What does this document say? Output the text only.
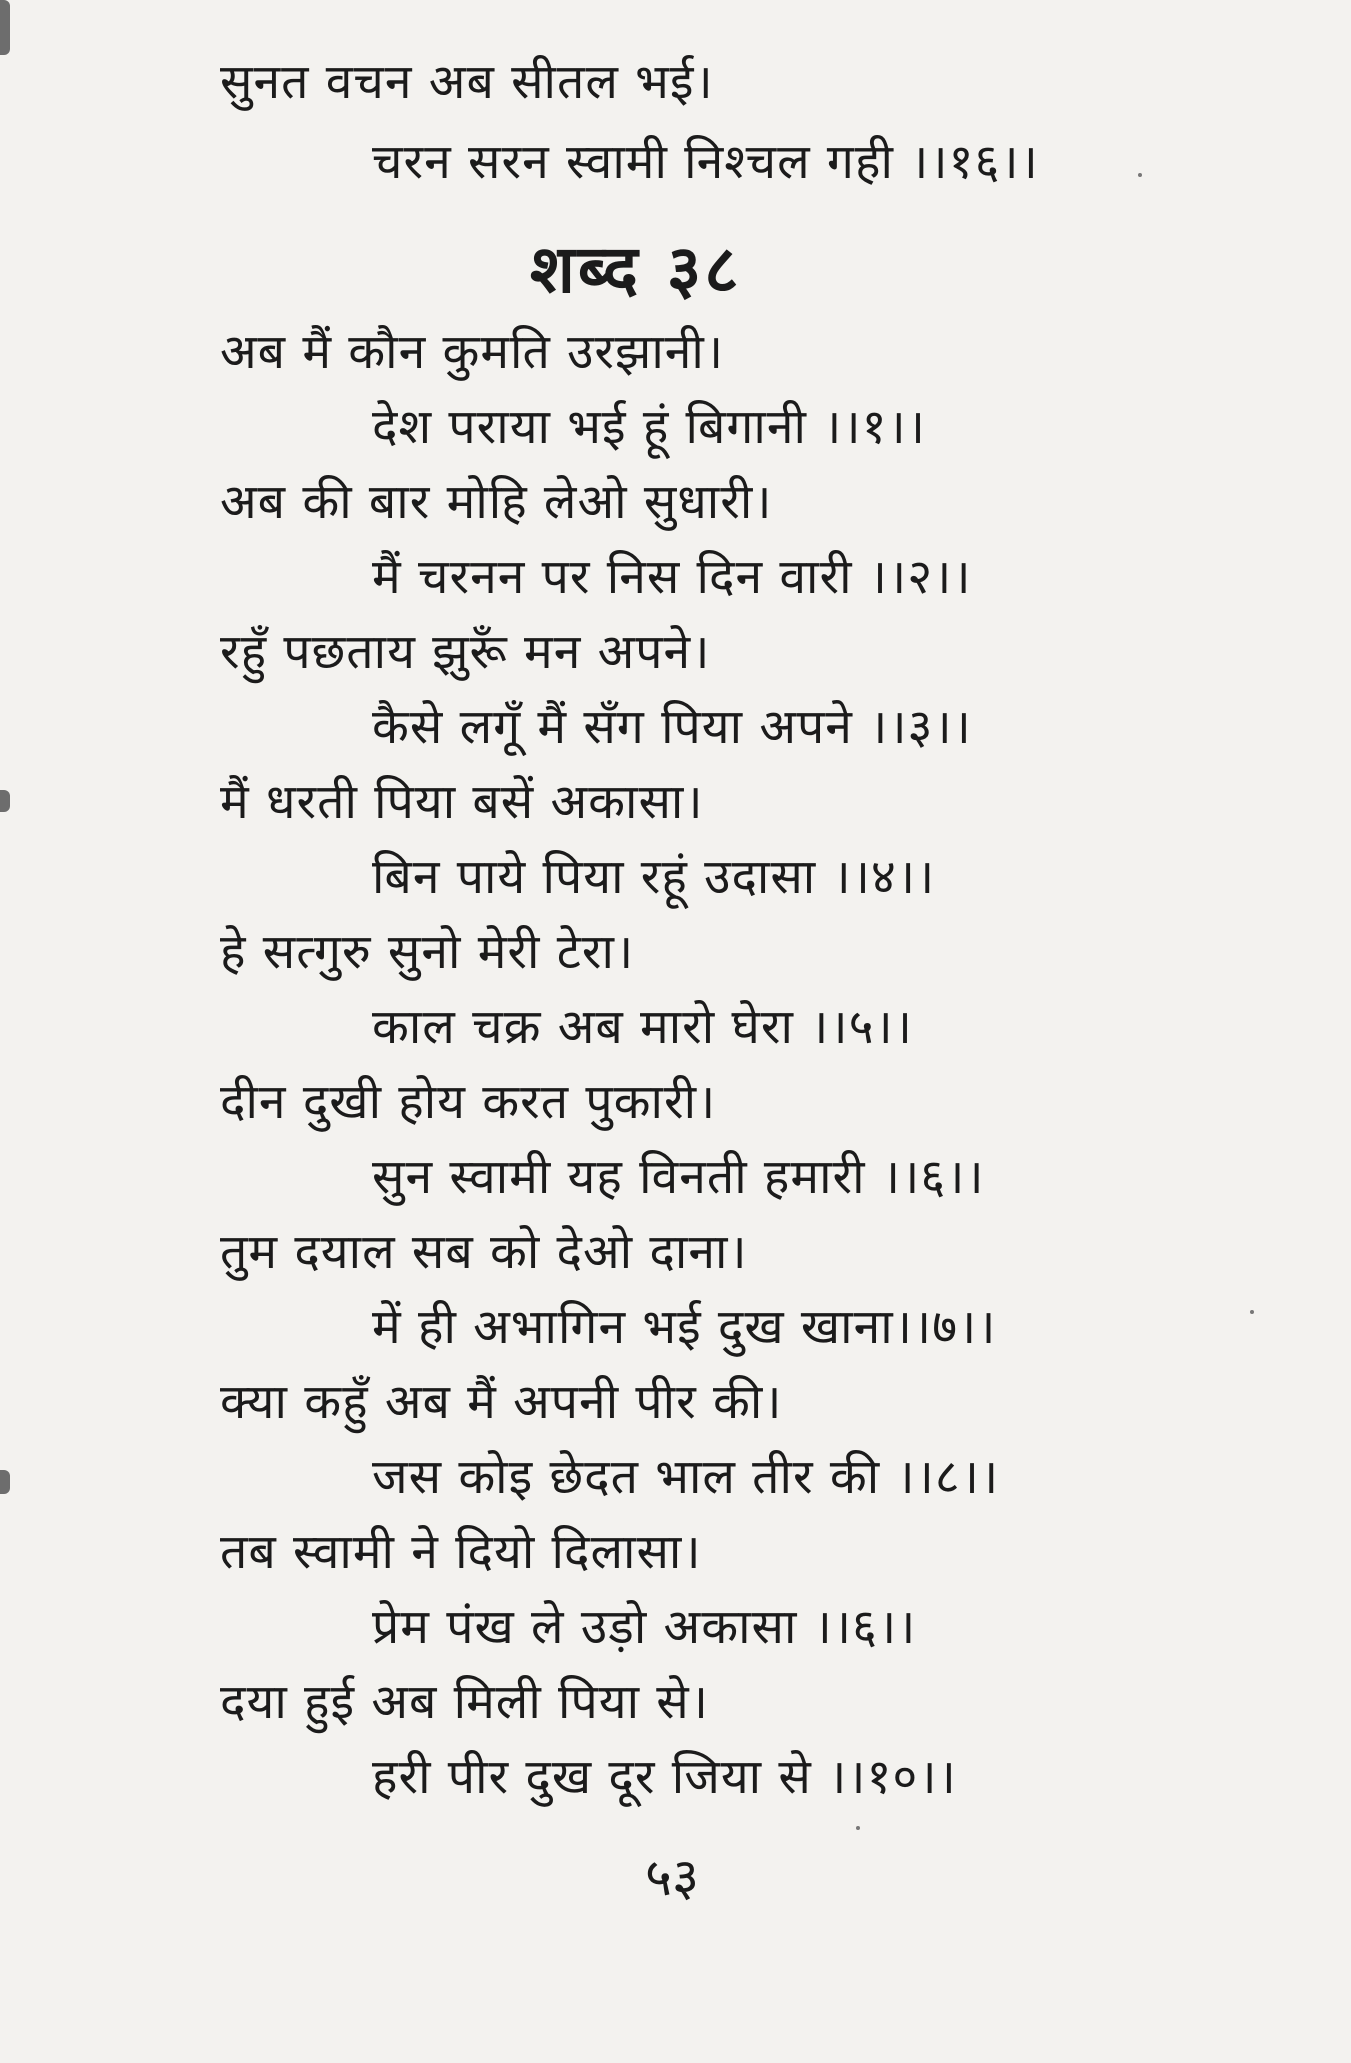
सुनत वचन अब सीतल भई।
चरन सरन स्वामी निश्चल गही ।।१६।।
शब्द ३८
अब मैं कौन कुमति उरझानी।
देश पराया भई हूं बिगानी ।।१।।
अब की बार मोहि लेओ सुधारी।
मैं चरनन पर निस दिन वारी ।।२।।
रहुँ पछताय झुरूँ मन अपने।
कैसे लगूँ मैं सँग पिया अपने ।।३।।
मैं धरती पिया बसें अकासा।
बिन पाये पिया रहूं उदासा ।।४।।
हे सत्गुरु सुनो मेरी टेरा।
काल चक्र अब मारो घेरा ।।५।।
दीन दुखी होय करत पुकारी।
सुन स्वामी यह विनती हमारी ।।६।।
तुम दयाल सब को देओ दाना।
में ही अभागिन भई दुख खाना।।७।।
क्या कहुँ अब मैं अपनी पीर की।
जस कोइ छेदत भाल तीर की ।।८।।
तब स्वामी ने दियो दिलासा।
प्रेम पंख ले उड़ो अकासा ।।६।।
दया हुई अब मिली पिया से।
हरी पीर दुख दूर जिया से ।।१०।।
५३
